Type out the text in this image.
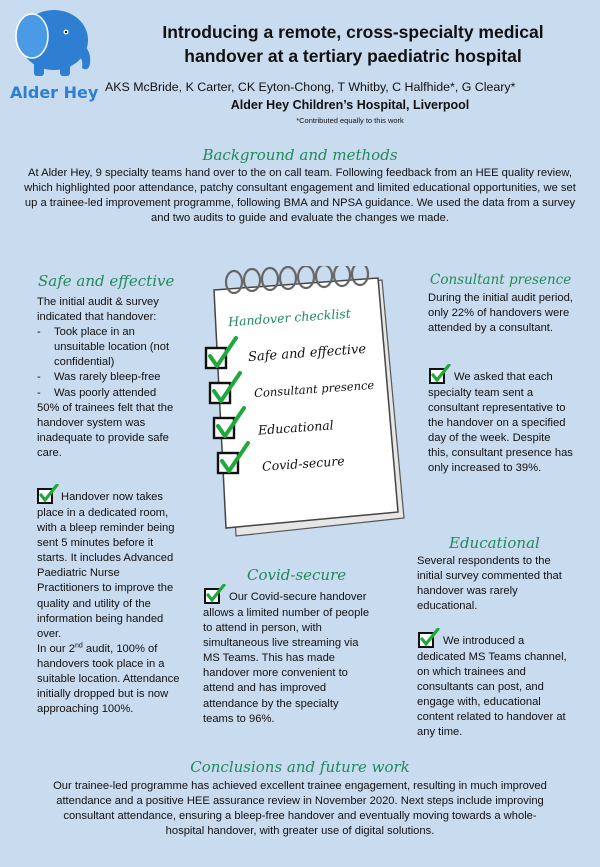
Alder Hey
Introducing a remote, cross-specialty medical
handover at a tertiary paediatric hospital
AKS McBride, K Carter, CK Eyton-Chong, T Whitby, C Halfhide*, G Cleary*
Alder Hey Children’s Hospital, Liverpool
*Contributed equally to this work
Background and methods
At Alder Hey, 9 specialty teams hand over to the on call team. Following feedback from an HEE quality review, which highlighted poor attendance, patchy consultant engagement and limited educational opportunities, we set up a trainee-led improvement programme, following BMA and NPSA guidance. We used the data from a survey and two audits to guide and evaluate the changes we made.
Safe and effective
The initial audit & survey indicated that handover:
- Took place in an unsuitable location (not confidential)
- Was rarely bleep-free
- Was poorly attended
50% of trainees felt that the handover system was inadequate to provide safe care.
Handover now takes place in a dedicated room, with a bleep reminder being sent 5 minutes before it starts. It includes Advanced Paediatric Nurse Practitioners to improve the quality and utility of the information being handed over.
In our 2nd audit, 100% of handovers took place in a suitable location. Attendance initially dropped but is now approaching 100%.
Handover checklist
Safe and effective
Consultant presence
Educational
Covid-secure
Consultant presence
During the initial audit period, only 22% of handovers were attended by a consultant.
We asked that each specialty team sent a consultant representative to the handover on a specified day of the week. Despite this, consultant presence has only increased to 39%.
Educational
Several respondents to the initial survey commented that handover was rarely educational.
We introduced a dedicated MS Teams channel, on which trainees and consultants can post, and engage with, educational content related to handover at any time.
Covid-secure
Our Covid-secure handover allows a limited number of people to attend in person, with simultaneous live streaming via MS Teams. This has made handover more convenient to attend and has improved attendance by the specialty teams to 96%.
Conclusions and future work
Our trainee-led programme has achieved excellent trainee engagement, resulting in much improved attendance and a positive HEE assurance review in November 2020. Next steps include improving consultant attendance, ensuring a bleep-free handover and eventually moving towards a whole-hospital handover, with greater use of digital solutions.
